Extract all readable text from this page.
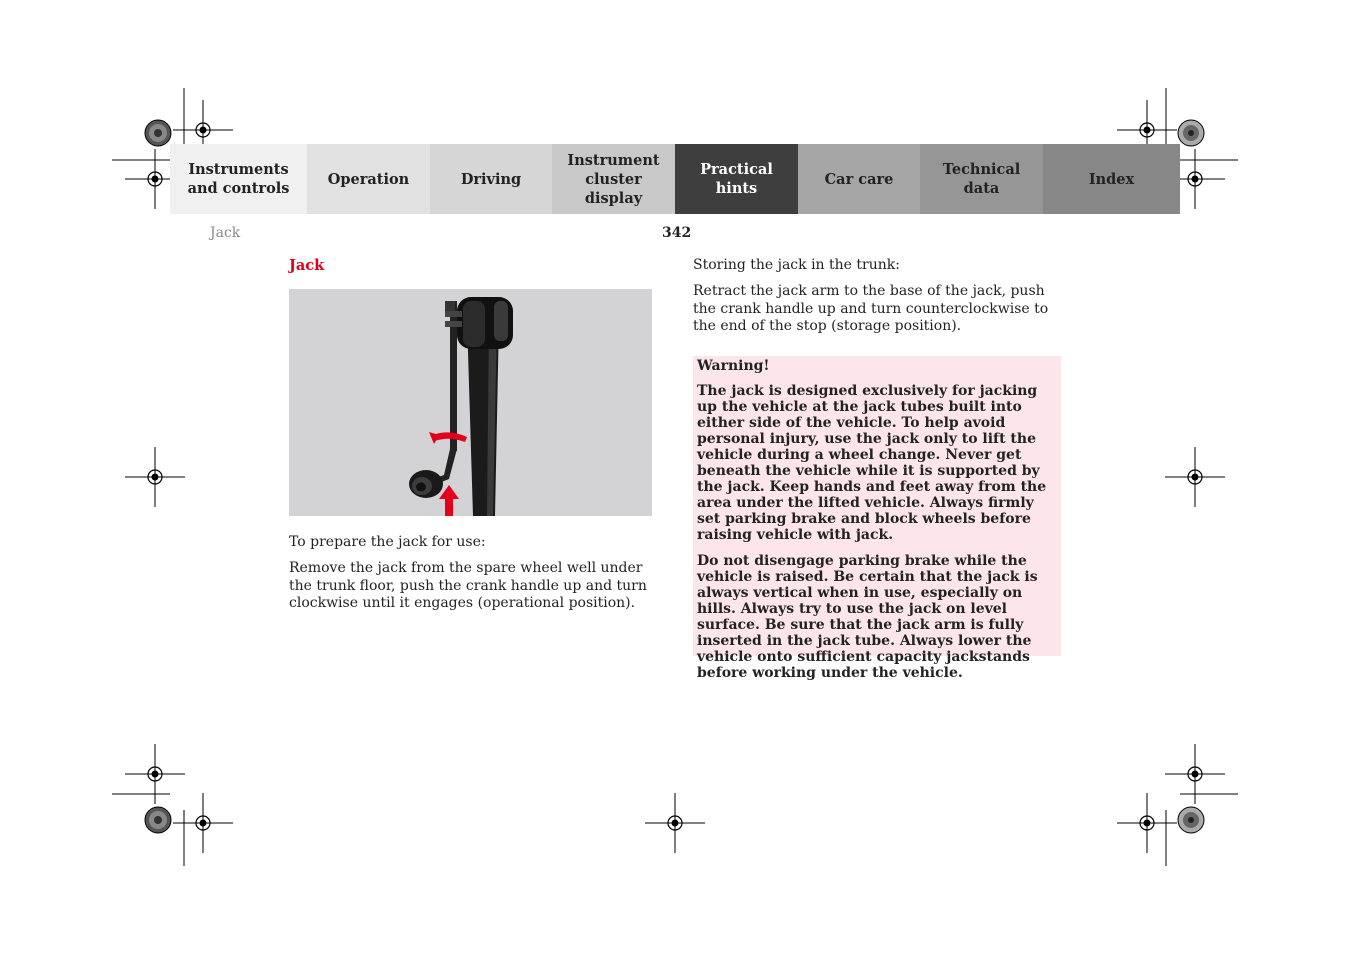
Instruments
and controls
Operation	Driving
Instrument
cluster display
Practical hints
Car care
Technical
data
Index
Jack	342
Jack

To prepare the jack for use:

Remove the jack from the spare wheel well under the trunk floor, push the crank handle up and turn clockwise until it engages (operational position).

Storing the jack in the trunk:

Retract the jack arm to the base of the jack, push the crank handle up and turn counterclockwise to the end of the stop (storage position).

Warning!

The jack is designed exclusively for jacking up the vehicle at the jack tubes built into either side of the vehicle. To help avoid personal injury, use the jack only to lift the vehicle during a wheel change. Never get beneath the vehicle while it is supported by the jack. Keep hands and feet away from the area under the lifted vehicle. Always firmly set parking brake and block wheels before raising vehicle with jack.

Do not disengage parking brake while the vehicle is raised. Be certain that the jack is always vertical when in use, especially on hills. Always try to use the jack on level surface. Be sure that the jack arm is fully inserted in the jack tube. Always lower the vehicle onto sufficient capacity jackstands before working under the vehicle.
